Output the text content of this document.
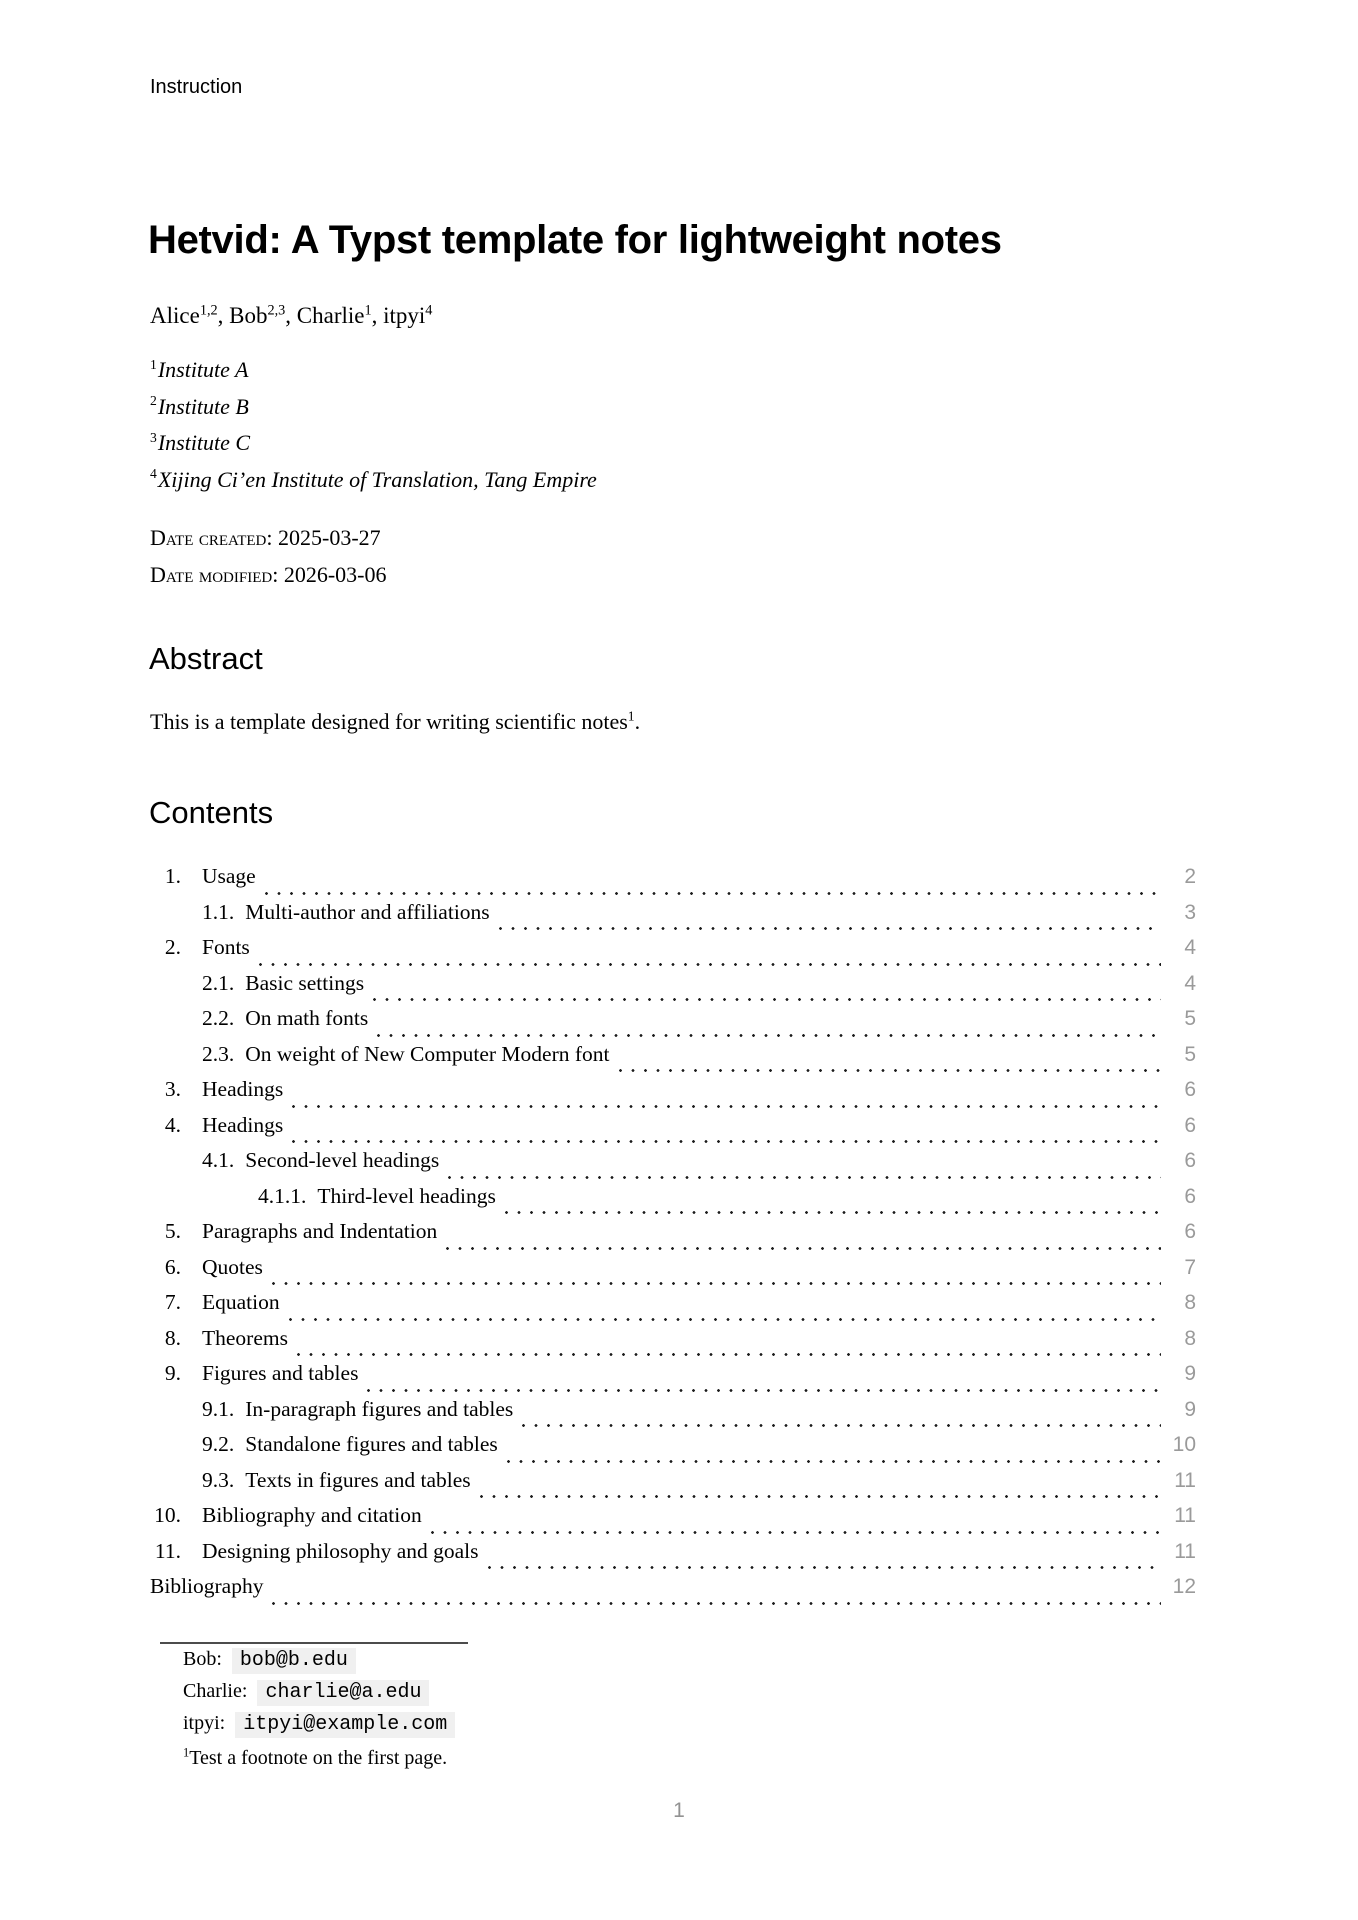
Instruction
Hetvid: A Typst template for lightweight notes
Alice$^{1,2}$, Bob$^{2,3}$, Charlie$^1$, itpyi$^4$
$^1$Institute A
$^2$Institute B
$^3$Institute C
$^4$Xijing Ci’en Institute of Translation, Tang Empire
Date created: 2025-03-27
Date modified: 2026-03-06
Abstract
This is a template designed for writing scientific notes$^1$.
Contents
1. Usage	2
1.1. Multi-author and affiliations	3
2. Fonts	4
2.1. Basic settings	4
2.2. On math fonts	5
2.3. On weight of New Computer Modern font	5
3. Headings	6
4. Headings	6
4.1. Second-level headings	6
4.1.1. Third-level headings	6
5. Paragraphs and Indentation	6
6. Quotes	7
7. Equation	8
8. Theorems	8
9. Figures and tables	9
9.1. In-paragraph figures and tables	9
9.2. Standalone figures and tables	10
9.3. Texts in figures and tables	11
10. Bibliography and citation	11
11. Designing philosophy and goals	11
Bibliography	12
Bob: bob@b.edu
Charlie: charlie@a.edu
itpyi: itpyi@example.com
$^1$Test a footnote on the first page.
1
